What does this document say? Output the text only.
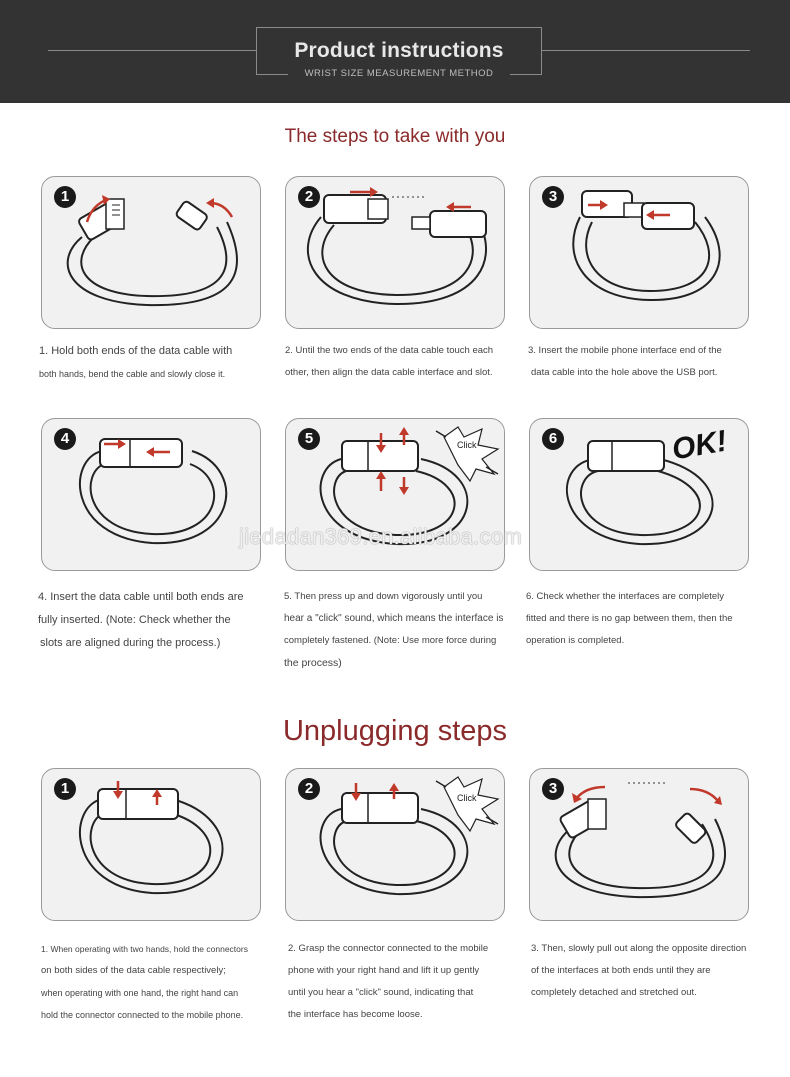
Product instructions
WRIST SIZE MEASUREMENT METHOD
The steps to take with you
1	2	3
1. Hold both ends of the data cable with
both hands, bend the cable and slowly close it.
2. Until the two ends of the data cable touch each
other, then align the data cable interface and slot.
3. Insert the mobile phone interface end of the
data cable into the hole above the USB port.
4	5	Click	6	OK!
4. Insert the data cable until both ends are
fully inserted. (Note: Check whether the
slots are aligned during the process.)
5. Then press up and down vigorously until you
hear a "click" sound, which means the interface is
completely fastened. (Note: Use more force during
the process)
6. Check whether the interfaces are completely
fitted and there is no gap between them, then the
operation is completed.
jiedadan369.en.alibaba.com
Unplugging steps
1	2
Click
3
1. When operating with two hands, hold the connectors
on both sides of the data cable respectively;
when operating with one hand, the right hand can
hold the connector connected to the mobile phone.
2. Grasp the connector connected to the mobile
phone with your right hand and lift it up gently
until you hear a "click" sound, indicating that
the interface has become loose.
3. Then, slowly pull out along the opposite direction
of the interfaces at both ends until they are
completely detached and stretched out.
